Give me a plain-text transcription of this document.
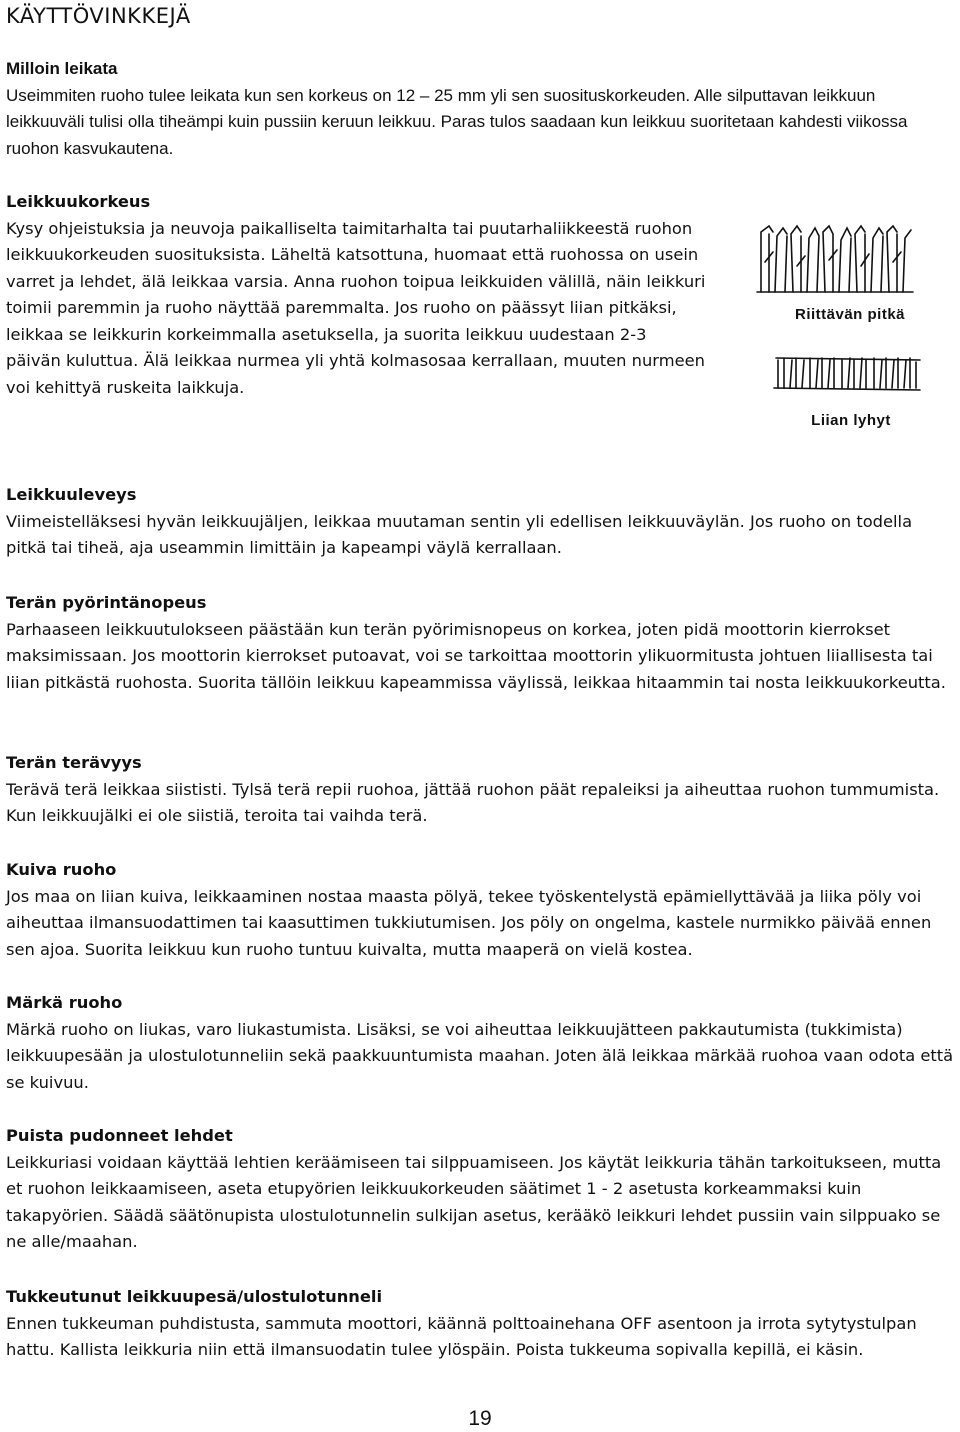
KÄYTTÖVINKKEJÄ
Milloin leikata

Useimmiten ruoho tulee leikata kun sen korkeus on 12 – 25 mm yli sen suosituskorkeuden. Alle silputtavan leikkuun leikkuuväli tulisi olla tiheämpi kuin pussiin keruun leikkuu. Paras tulos saadaan kun leikkuu suoritetaan kahdesti viikossa ruohon kasvukautena.

Leikkuukorkeus

Kysy ohjeistuksia ja neuvoja paikalliselta taimitarhalta tai puutarhaliikkeestä ruohon leikkuukorkeuden suosituksista. Läheltä katsottuna, huomaat että ruohossa on usein varret ja lehdet, älä leikkaa varsia. Anna ruohon toipua leikkuiden välillä, näin leikkuri toimii paremmin ja ruoho näyttää paremmalta. Jos ruoho on päässyt liian pitkäksi, leikkaa se leikkurin korkeimmalla asetuksella, ja suorita leikkuu uudestaan 2-3 päivän kuluttua. Älä leikkaa nurmea yli yhtä kolmasosaa kerrallaan, muuten nurmeen voi kehittyä ruskeita laikkuja.

Riittävän pitkä
Liian lyhyt
Leikkuuleveys

Viimeistelläksesi hyvän leikkuujäljen, leikkaa muutaman sentin yli edellisen leikkuuväylän. Jos ruoho on todella pitkä tai tiheä, aja useammin limittäin ja kapeampi väylä kerrallaan.

Terän pyörintänopeus

Parhaaseen leikkuutulokseen päästään kun terän pyörimisnopeus on korkea, joten pidä moottorin kierrokset maksimissaan. Jos moottorin kierrokset putoavat, voi se tarkoittaa moottorin ylikuormitusta johtuen liiallisesta tai liian pitkästä ruohosta. Suorita tällöin leikkuu kapeammissa väylissä, leikkaa hitaammin tai nosta leikkuukorkeutta.

Terän terävyys

Terävä terä leikkaa siististi. Tylsä terä repii ruohoa, jättää ruohon päät repaleiksi ja aiheuttaa ruohon tummumista. Kun leikkuujälki ei ole siistiä, teroita tai vaihda terä.

Kuiva ruoho

Jos maa on liian kuiva, leikkaaminen nostaa maasta pölyä, tekee työskentelystä epämiellyttävää ja liika pöly voi aiheuttaa ilmansuodattimen tai kaasuttimen tukkiutumisen. Jos pöly on ongelma, kastele nurmikko päivää ennen sen ajoa. Suorita leikkuu kun ruoho tuntuu kuivalta, mutta maaperä on vielä kostea.

Märkä ruoho

Märkä ruoho on liukas, varo liukastumista. Lisäksi, se voi aiheuttaa leikkuujätteen pakkautumista (tukkimista) leikkuupesään ja ulostulotunneliin sekä paakkuuntumista maahan. Joten älä leikkaa märkää ruohoa vaan odota että se kuivuu.

Puista pudonneet lehdet

Leikkuriasi voidaan käyttää lehtien keräämiseen tai silppuamiseen. Jos käytät leikkuria tähän tarkoitukseen, mutta et ruohon leikkaamiseen, aseta etupyörien leikkuukorkeuden säätimet 1 - 2 asetusta korkeammaksi kuin takapyörien. Säädä säätönupista ulostulotunnelin sulkijan asetus, kerääkö leikkuri lehdet pussiin vain silppuako se ne alle/maahan.

Tukkeutunut leikkuupesä/ulostulotunneli

Ennen tukkeuman puhdistusta, sammuta moottori, käännä polttoainehana OFF asentoon ja irrota sytytystulpan hattu. Kallista leikkuria niin että ilmansuodatin tulee ylöspäin. Poista tukkeuma sopivalla kepillä, ei käsin.

19
